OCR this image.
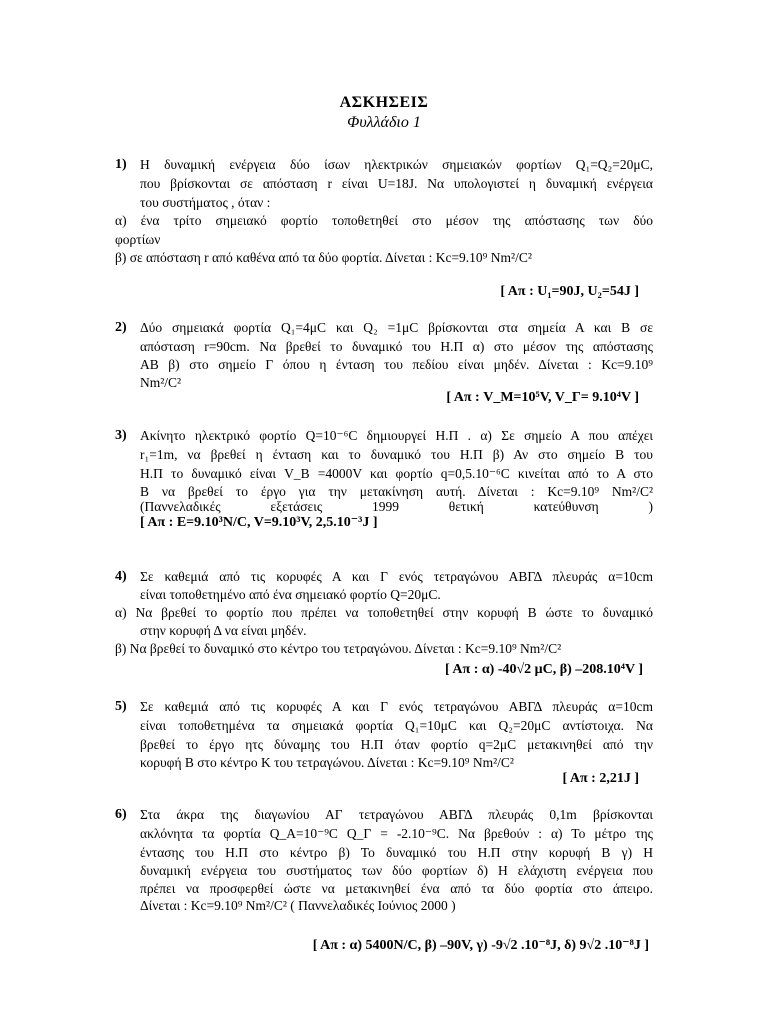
ΑΣΚΗΣΕΙΣ
Φυλλάδιο 1
1) Η δυναμική ενέργεια δύο ίσων ηλεκτρικών σημειακών φορτίων Q₁=Q₂=20μC,
που βρίσκονται σε απόσταση r είναι U=18J. Να υπολογιστεί η δυναμική ενέργεια
του συστήματος , όταν :
α) ένα τρίτο σημειακό φορτίο τοποθετηθεί στο μέσον της απόστασης των δύο
φορτίων
β) σε απόσταση r από καθένα από τα δύο φορτία. Δίνεται : Kc=9.10⁹ Nm²/C²
[ Απ : U₁=90J, U₂=54J ]
2) Δύο σημειακά φορτία Q₁=4μC και Q₂ =1μC βρίσκονται στα σημεία Α και Β σε
απόσταση r=90cm. Να βρεθεί το δυναμικό του Η.Π α) στο μέσον της απόστασης
ΑΒ β) στο σημείο Γ όπου η ένταση του πεδίου είναι μηδέν. Δίνεται : Kc=9.10⁹
Nm²/C²
[ Απ : V_M=10⁵V, V_Γ= 9.10⁴V ]
3) Ακίνητο ηλεκτρικό φορτίο Q=10⁻⁶C δημιουργεί Η.Π . α) Σε σημείο Α που απέχει
r₁=1m, να βρεθεί η ένταση και το δυναμικό του Η.Π β) Αν στο σημείο Β του
Η.Π το δυναμικό είναι V_B =4000V και φορτίο q=0,5.10⁻⁶C κινείται από το Α στο
Β να βρεθεί το έργο για την μετακίνηση αυτή. Δίνεται : Kc=9.10⁹ Nm²/C²
(Παννελαδικές εξετάσεις 1999 θετική κατεύθυνση )
[ Απ : Ε=9.10³N/C, V=9.10³V, 2,5.10⁻³J ]
4) Σε καθεμιά από τις κορυφές Α και Γ ενός τετραγώνου ΑΒΓΔ πλευράς α=10cm
είναι τοποθετημένο από ένα σημειακό φορτίο Q=20μC.
α) Να βρεθεί το φορτίο που πρέπει να τοποθετηθεί στην κορυφή Β ώστε το δυναμικό
στην κορυφή Δ να είναι μηδέν.
β) Να βρεθεί το δυναμικό στο κέντρο του τετραγώνου. Δίνεται : Kc=9.10⁹ Nm²/C²
[ Απ : α) -40√2 μC, β) –208.10⁴V ]
5) Σε καθεμιά από τις κορυφές Α και Γ ενός τετραγώνου ΑΒΓΔ πλευράς α=10cm
είναι τοποθετημένα τα σημειακά φορτία Q₁=10μC και Q₂=20μC αντίστοιχα. Να
βρεθεί το έργο ητς δύναμης του Η.Π όταν φορτίο q=2μC μετακινηθεί από την
κορυφή Β στο κέντρο Κ του τετραγώνου. Δίνεται : Kc=9.10⁹ Nm²/C²
[ Απ : 2,21J ]
6) Στα άκρα της διαγωνίου ΑΓ τετραγώνου ΑΒΓΔ πλευράς 0,1m βρίσκονται
ακλόνητα τα φορτία Q_A=10⁻⁹C Q_Γ = -2.10⁻⁹C. Να βρεθούν : α) Το μέτρο της
έντασης του Η.Π στο κέντρο β) Το δυναμικό του Η.Π στην κορυφή Β γ) Η
δυναμική ενέργεια του συστήματος των δύο φορτίων δ) Η ελάχιστη ενέργεια που
πρέπει να προσφερθεί ώστε να μετακινηθεί ένα από τα δύο φορτία στο άπειρο.
Δίνεται : Kc=9.10⁹ Nm²/C² ( Παννελαδικές Ιούνιος 2000 )
[ Απ : α) 5400N/C, β) –90V, γ) -9√2 .10⁻⁸J, δ) 9√2 .10⁻⁸J ]
